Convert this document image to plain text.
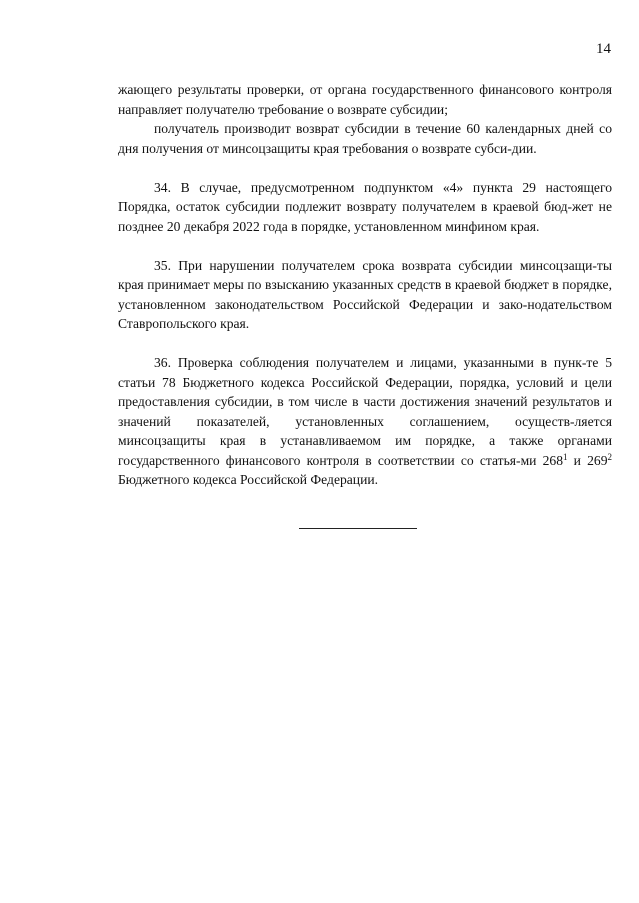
14

жающего результаты проверки, от органа государственного финансового контроля направляет получателю требование о возврате субсидии;

получатель производит возврат субсидии в течение 60 календарных дней со дня получения от минсоцзащиты края требования о возврате субси-дии.

34. В случае, предусмотренном подпунктом «4» пункта 29 настоящего Порядка, остаток субсидии подлежит возврату получателем в краевой бюд-жет не позднее 20 декабря 2022 года в порядке, установленном минфином края.

35. При нарушении получателем срока возврата субсидии минсоцзащи-ты края принимает меры по взысканию указанных средств в краевой бюджет в порядке, установленном законодательством Российской Федерации и зако-нодательством Ставропольского края.

36. Проверка соблюдения получателем и лицами, указанными в пунк-те 5 статьи 78 Бюджетного кодекса Российской Федерации, порядка, условий и цели предоставления субсидии, в том числе в части достижения значений результатов и значений показателей, установленных соглашением, осуществ-ляется минсоцзащиты края в устанавливаемом им порядке, а также органами государственного финансового контроля в соответствии со статья-ми $268^1$ и $269^2$ Бюджетного кодекса Российской Федерации.
